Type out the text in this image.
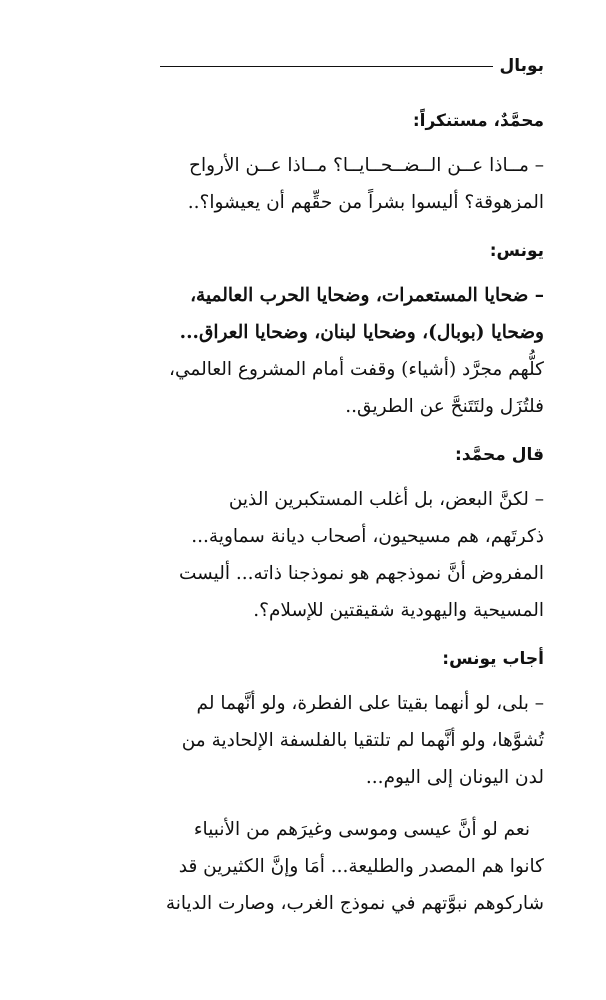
بوبال

محمَّدٌ، مستنكراً:

– مــاذا عــن الــضــحــايــا؟ مــاذا عــن الأرواح
المزهوقة؟ أليسوا بشراً من حقِّهم أن يعيشوا؟..

يونس:

– ضحايا المستعمرات، وضحايا الحرب العالمية،
وضحايا (بوبال)، وضحايا لبنان، وضحايا العراق...
كلُّهم مجرَّد (أشياء) وقفت أمام المشروع العالمي،
فلتُزَل ولتَتَنحَّ عن الطريق..

قال محمَّد:

– لكنَّ البعض، بل أغلب المستكبرين الذين
ذكرتَهم، هم مسيحيون، أصحاب ديانة سماوية...
المفروض أنَّ نموذجهم هو نموذجنا ذاته... أليست
المسيحية واليهودية شقيقتين للإسلام؟.

أجاب يونس:

– بلى، لو أنهما بقيتا على الفطرة، ولو أنَّهما لم
تُشوَّها، ولو أنَّهما لم تلتقيا بالفلسفة الإلحادية من
لدن اليونان إلى اليوم...
نعم لو أنَّ عيسى وموسى وغيرَهم من الأنبياء
كانوا هم المصدر والطليعة... أمَا وإنَّ الكثيرين قد
شاركوهم نبوَّتهم في نموذج الغرب، وصارت الديانة
